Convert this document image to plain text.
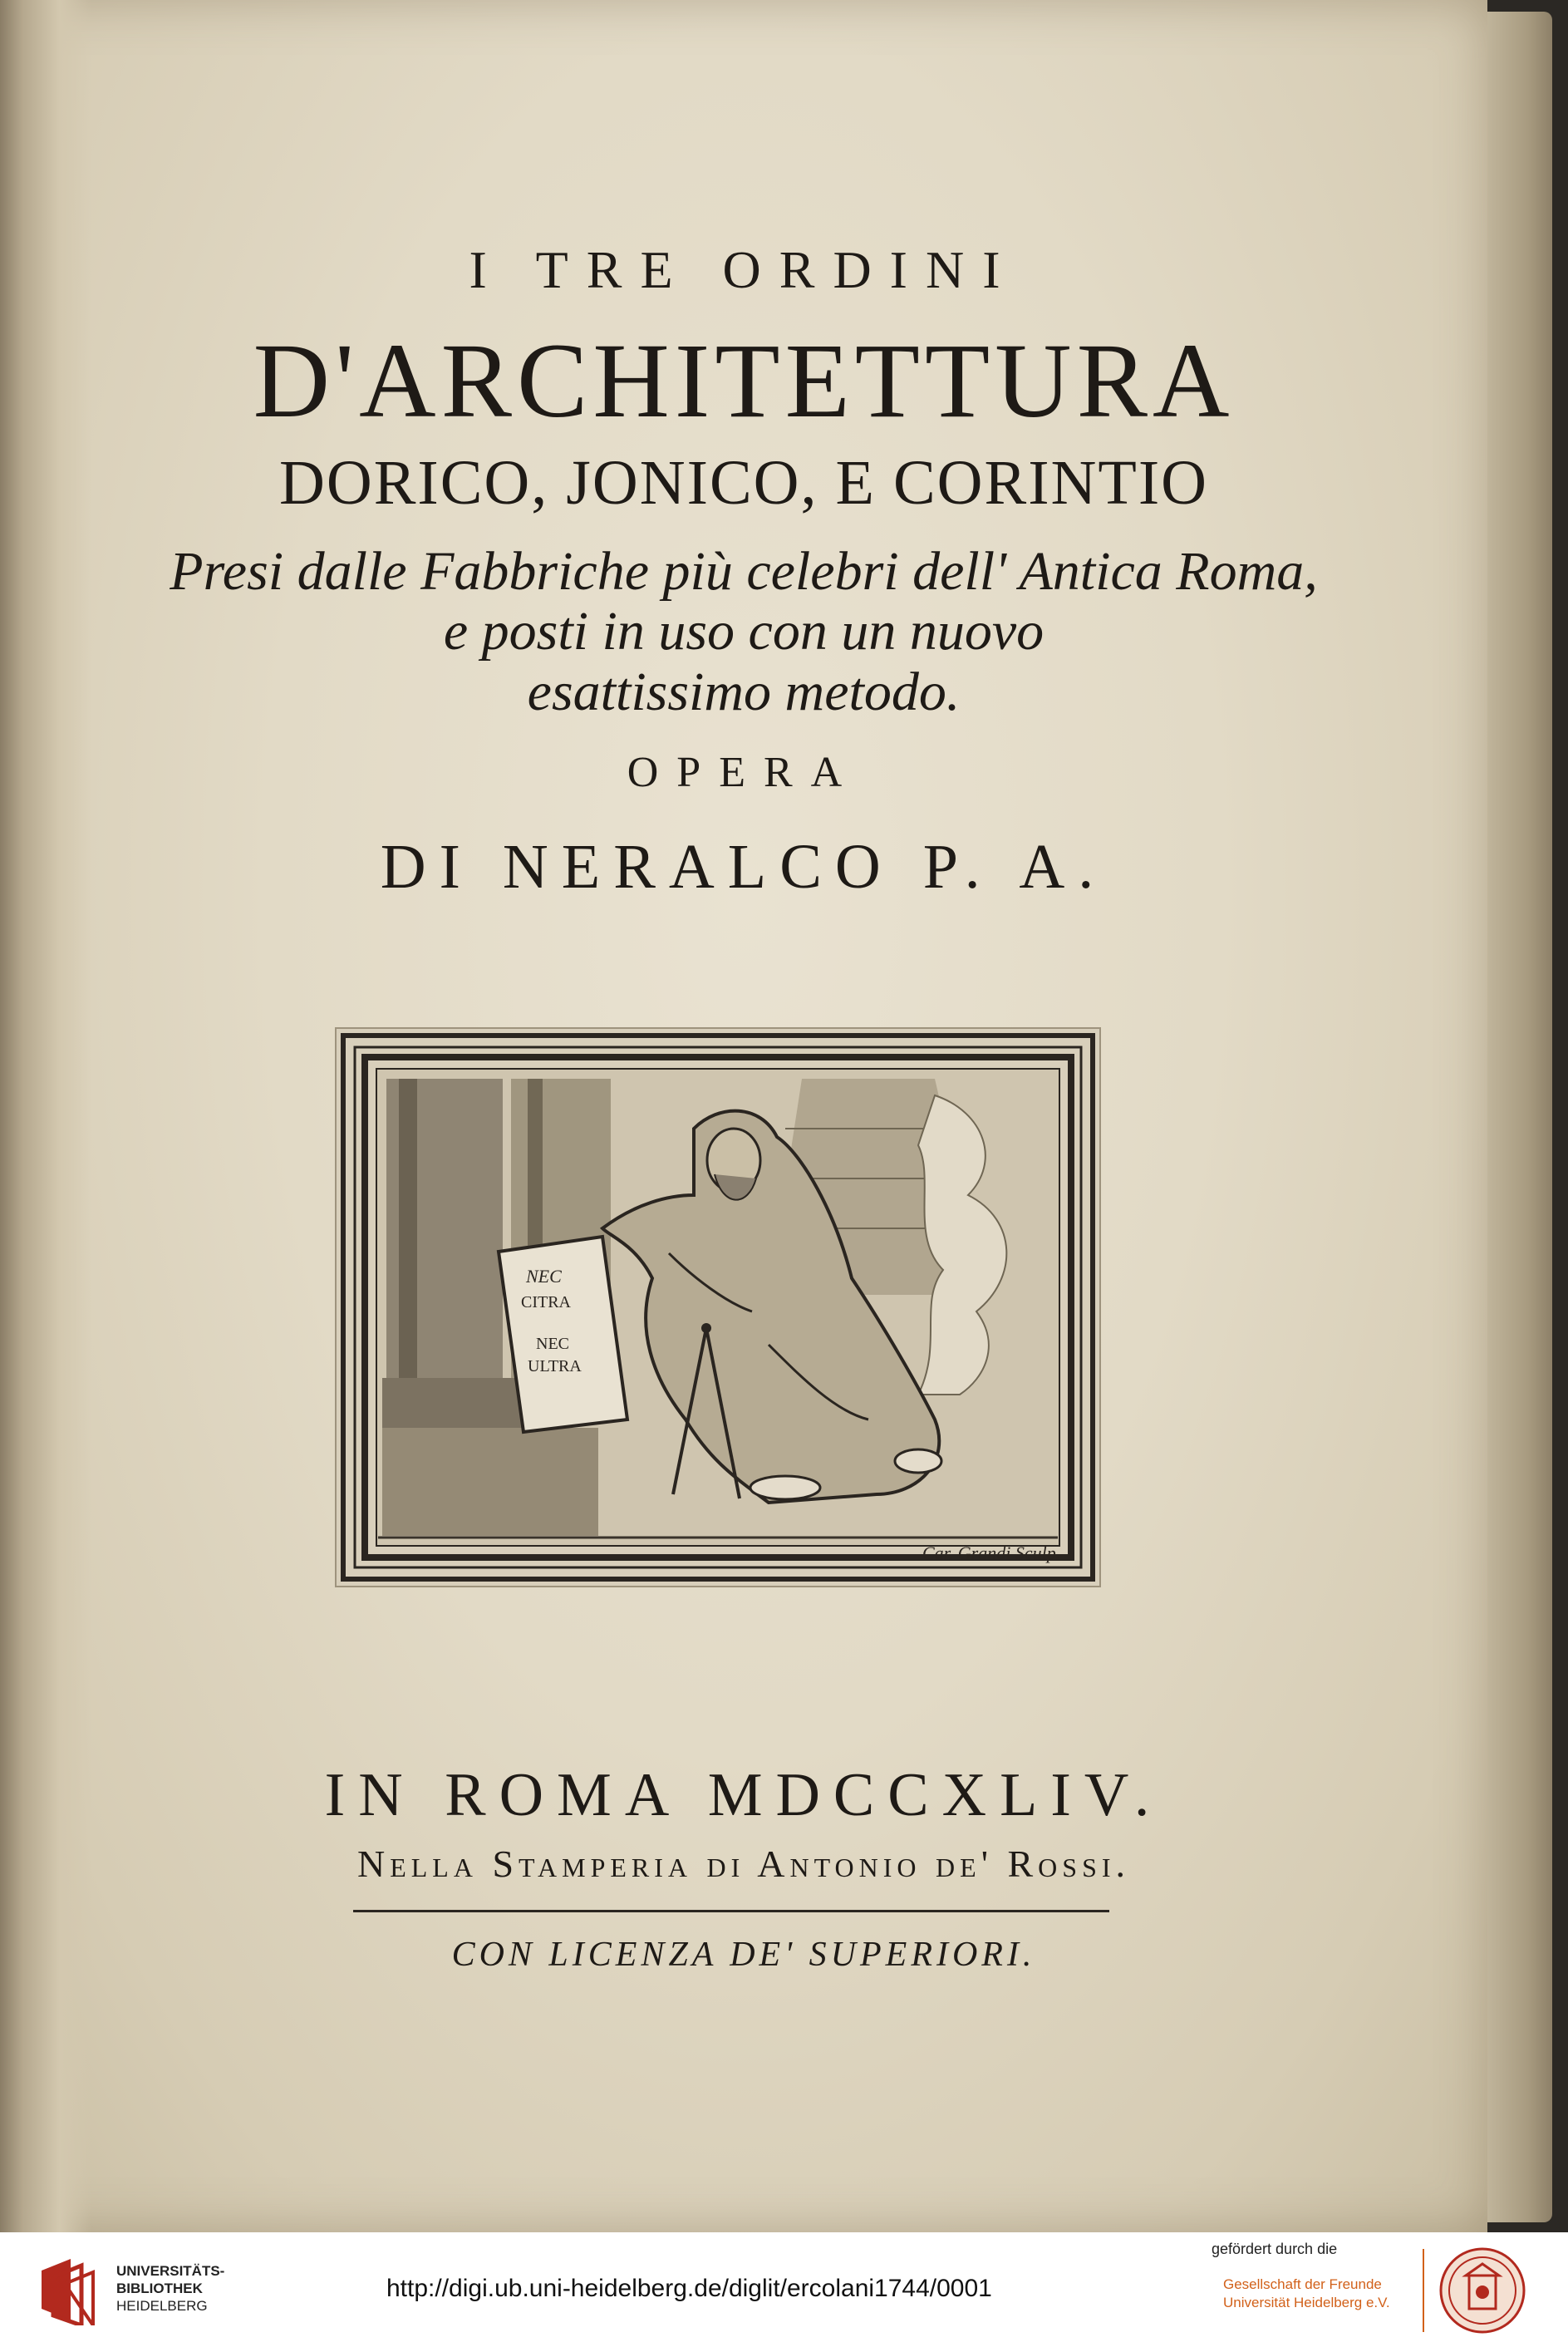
I TRE ORDINI
D'ARCHITETTURA
DORICO, JONICO, E CORINTIO
Presi dalle Fabbriche più celebri dell' Antica Roma,
e posti in uso con un nuovo
esattissimo metodo.
OPERA
DI NERALCO P. A.
NEC
CITRA
NEC
ULTRA
Car. Grandi Sculp.
IN ROMA MDCCXLIV.
Nella Stamperia di Antonio de' Rossi.
CON LICENZA DE' SUPERIORI.
UNIVERSITÄTS-
BIBLIOTHEK
HEIDELBERG
http://digi.ub.uni-heidelberg.de/diglit/ercolani1744/0001
gefördert durch die
Gesellschaft der Freunde
Universität Heidelberg e.V.
